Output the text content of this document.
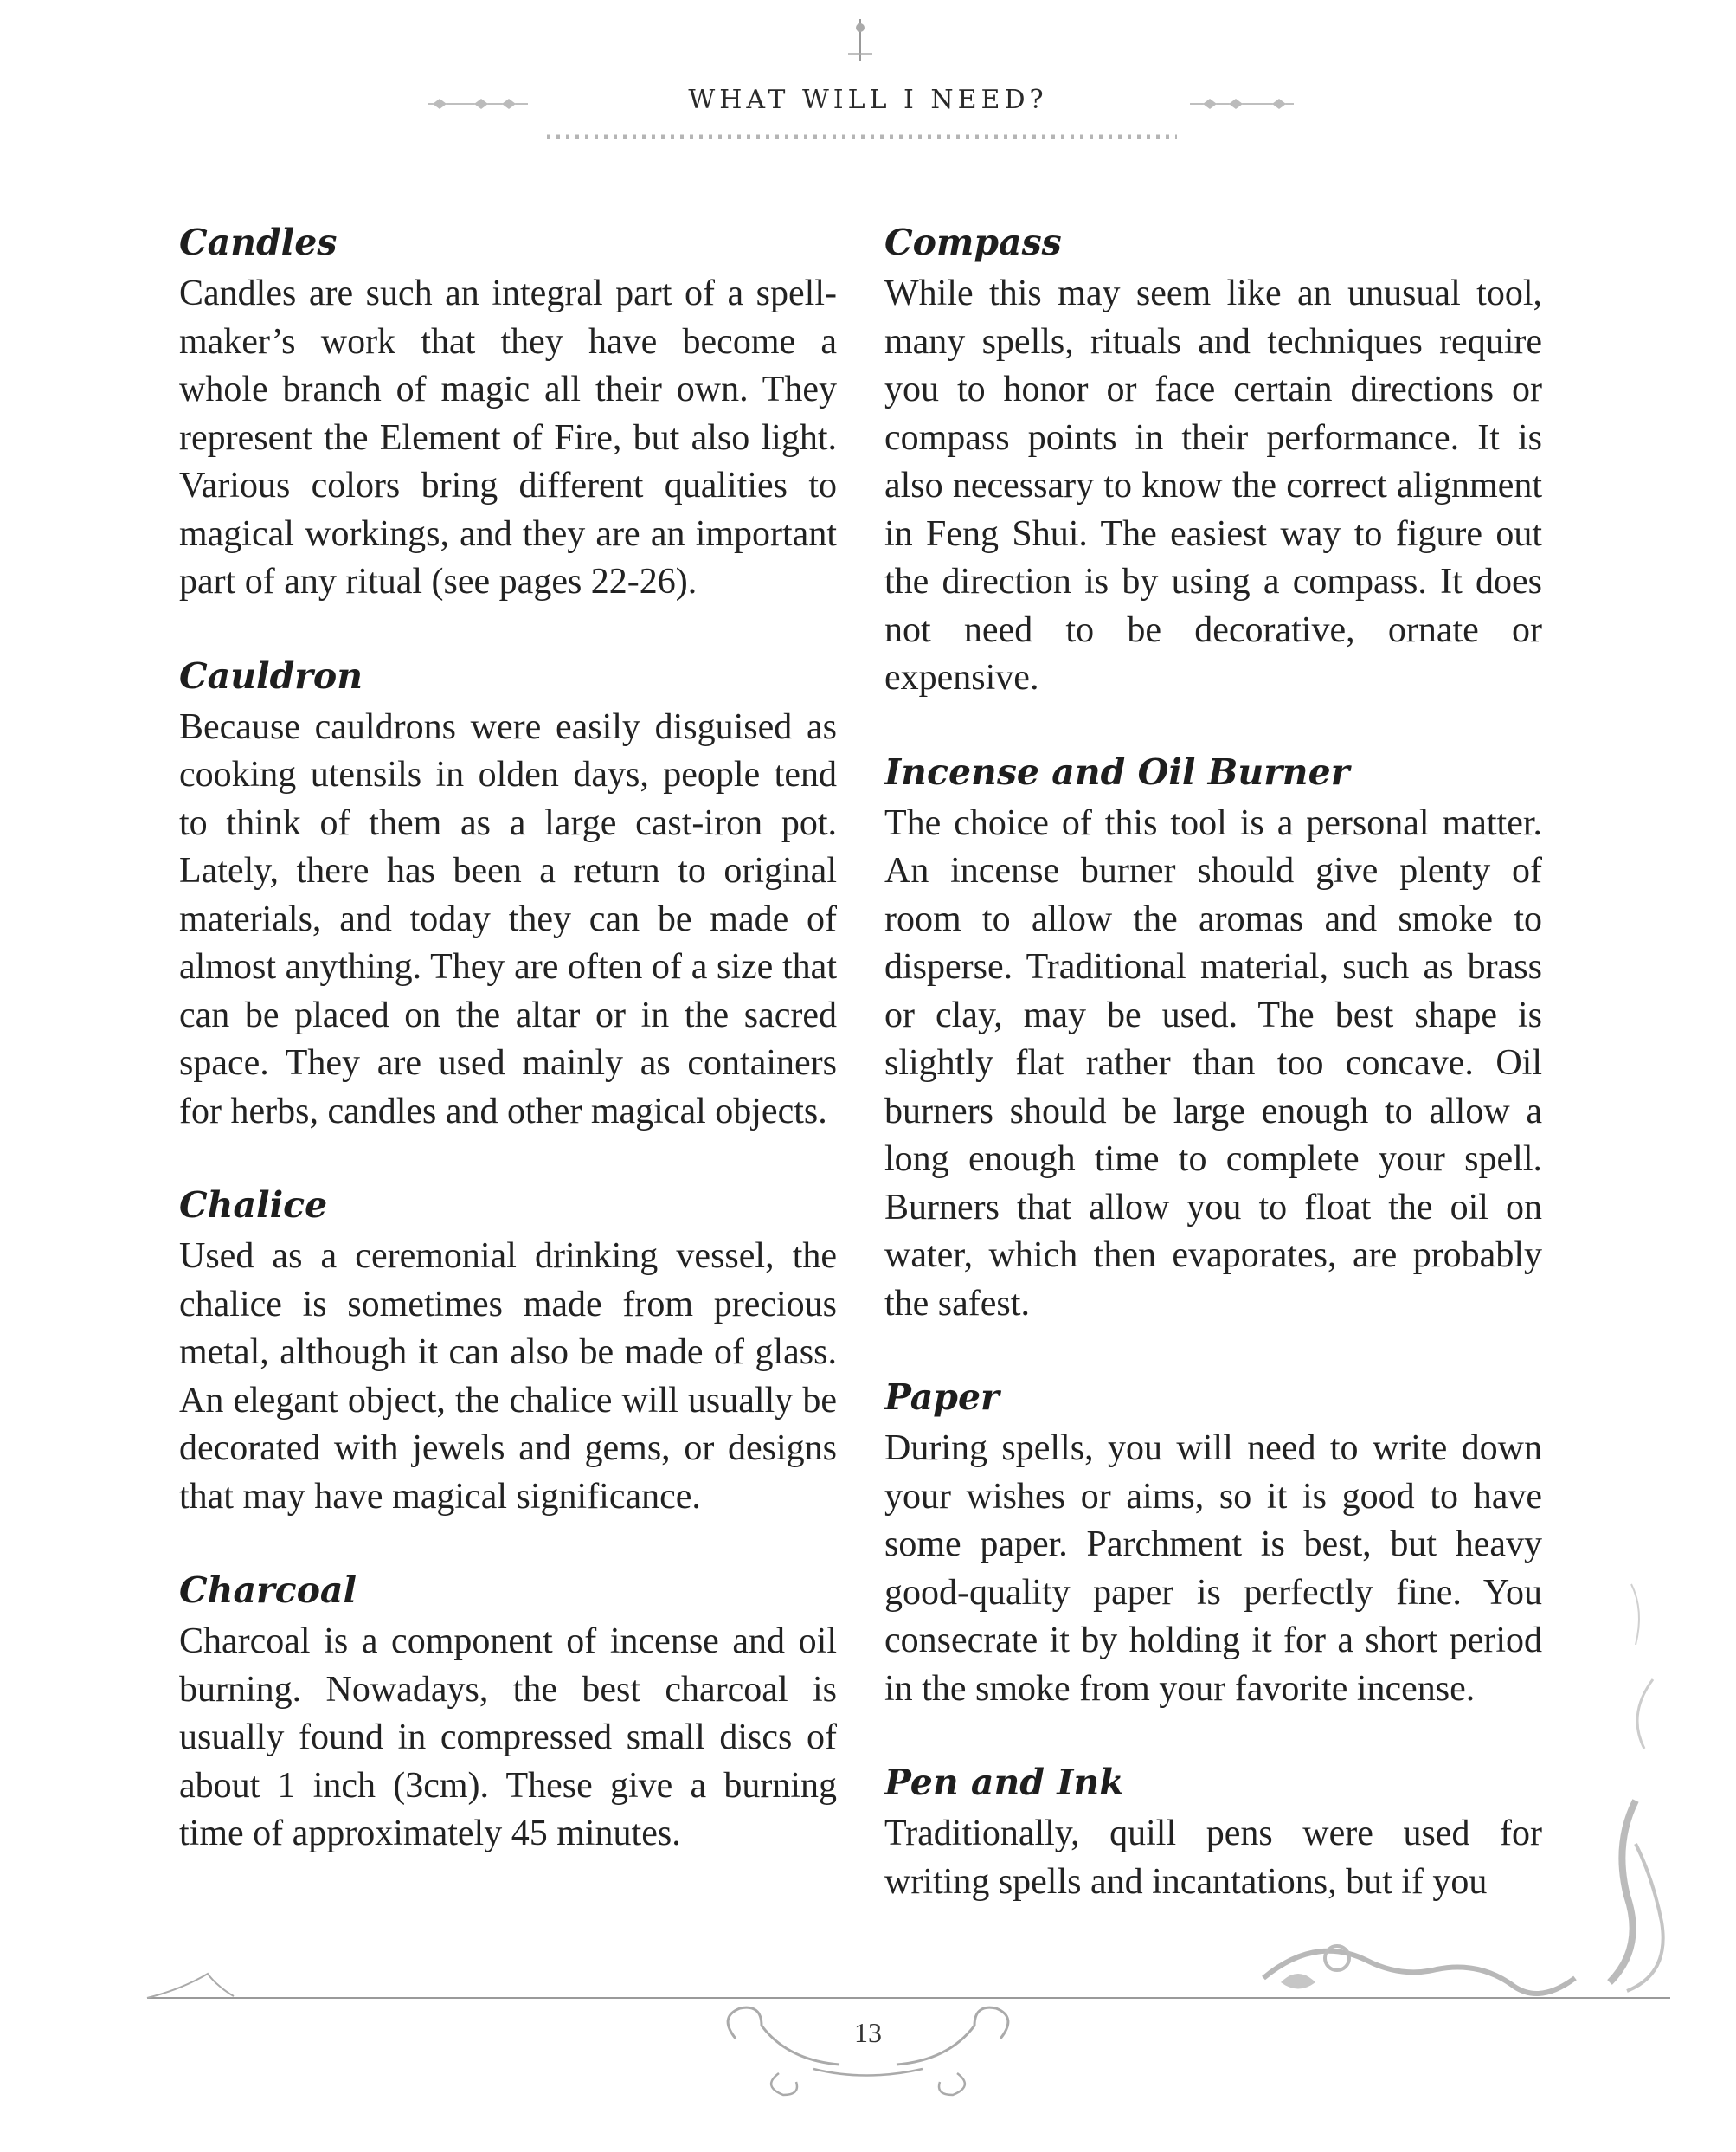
WHAT WILL I NEED?
Candles

Candles are such an integral part of a spell-maker’s work that they have become a whole branch of magic all their own. They represent the Element of Fire, but also light. Various colors bring different qualities to magical workings, and they are an important part of any ritual (see pages 22-26).

Cauldron

Because cauldrons were easily disguised as cooking utensils in olden days, people tend to think of them as a large cast-iron pot. Lately, there has been a return to original materials, and today they can be made of almost anything. They are often of a size that can be placed on the altar or in the sacred space. They are used mainly as containers for herbs, candles and other magical objects.

Chalice

Used as a ceremonial drinking vessel, the chalice is sometimes made from precious metal, although it can also be made of glass. An elegant object, the chalice will usually be decorated with jewels and gems, or designs that may have magical significance.

Charcoal

Charcoal is a component of incense and oil burning. Nowadays, the best charcoal is usually found in compressed small discs of about 1 inch (3cm). These give a burning time of approximately 45 minutes.

Compass

While this may seem like an unusual tool, many spells, rituals and techniques require you to honor or face certain directions or compass points in their performance. It is also necessary to know the correct alignment in Feng Shui. The easiest way to figure out the direction is by using a compass. It does not need to be decorative, ornate or expensive.

Incense and Oil Burner

The choice of this tool is a personal matter. An incense burner should give plenty of room to allow the aromas and smoke to disperse. Traditional material, such as brass or clay, may be used. The best shape is slightly flat rather than too concave. Oil burners should be large enough to allow a long enough time to complete your spell. Burners that allow you to float the oil on water, which then evaporates, are probably the safest.

Paper

During spells, you will need to write down your wishes or aims, so it is good to have some paper. Parchment is best, but heavy good-quality paper is perfectly fine. You consecrate it by holding it for a short period in the smoke from your favorite incense.

Pen and Ink

Traditionally, quill pens were used for writing spells and incantations, but if you

13
